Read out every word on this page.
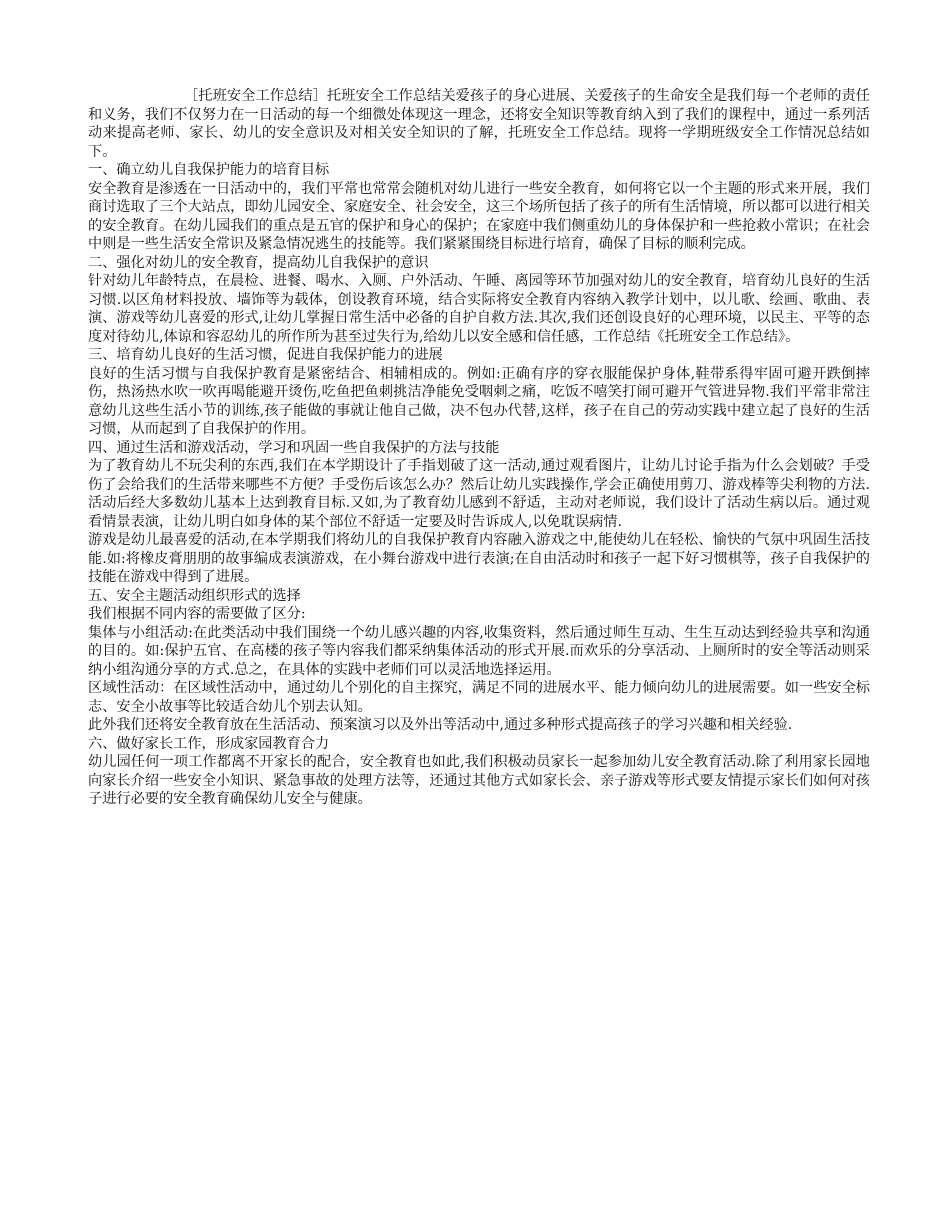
［托班安全工作总结］托班安全工作总结关爱孩子的身心进展、关爱孩子的生命安全是我们每一个老师的责任和义务，我们不仅努力在一日活动的每一个细微处体现这一理念，还将安全知识等教育纳入到了我们的课程中，通过一系列活动来提高老师、家长、幼儿的安全意识及对相关安全知识的了解，托班安全工作总结。现将一学期班级安全工作情况总结如下。

一、确立幼儿自我保护能力的培育目标

安全教育是渗透在一日活动中的，我们平常也常常会随机对幼儿进行一些安全教育，如何将它以一个主题的形式来开展，我们商讨选取了三个大站点，即幼儿园安全、家庭安全、社会安全，这三个场所包括了孩子的所有生活情境，所以都可以进行相关的安全教育。在幼儿园我们的重点是五官的保护和身心的保护；在家庭中我们侧重幼儿的身体保护和一些抢救小常识；在社会中则是一些生活安全常识及紧急情况逃生的技能等。我们紧紧围绕目标进行培育，确保了目标的顺利完成。

二、强化对幼儿的安全教育，提高幼儿自我保护的意识

针对幼儿年龄特点，在晨检、进餐、喝水、入厕、户外活动、午睡、离园等环节加强对幼儿的安全教育，培育幼儿良好的生活习惯.以区角材料投放、墙饰等为载体，创设教育环境，结合实际将安全教育内容纳入教学计划中，以儿歌、绘画、歌曲、表演、游戏等幼儿喜爱的形式,让幼儿掌握日常生活中必备的自护自救方法.其次,我们还创设良好的心理环境，以民主、平等的态度对待幼儿,体谅和容忍幼儿的所作所为甚至过失行为,给幼儿以安全感和信任感，工作总结《托班安全工作总结》。

三、培育幼儿良好的生活习惯，促进自我保护能力的进展

良好的生活习惯与自我保护教育是紧密结合、相辅相成的。例如:正确有序的穿衣服能保护身体,鞋带系得牢固可避开跌倒摔伤，热汤热水吹一吹再喝能避开烫伤,吃鱼把鱼刺挑洁净能免受咽刺之痛，吃饭不嘻笑打闹可避开气管进异物.我们平常非常注意幼儿这些生活小节的训练,孩子能做的事就让他自己做，决不包办代替,这样，孩子在自己的劳动实践中建立起了良好的生活习惯，从而起到了自我保护的作用。

四、通过生活和游戏活动，学习和巩固一些自我保护的方法与技能

为了教育幼儿不玩尖利的东西,我们在本学期设计了手指划破了这一活动,通过观看图片，让幼儿讨论手指为什么会划破？手受伤了会给我们的生活带来哪些不方便？手受伤后该怎么办？然后让幼儿实践操作,学会正确使用剪刀、游戏棒等尖利物的方法.活动后经大多数幼儿基本上达到教育目标.又如,为了教育幼儿感到不舒适，主动对老师说，我们设计了活动生病以后。通过观看情景表演，让幼儿明白如身体的某个部位不舒适一定要及时告诉成人,以免耽误病情.

游戏是幼儿最喜爱的活动,在本学期我们将幼儿的自我保护教育内容融入游戏之中,能使幼儿在轻松、愉快的气氛中巩固生活技能.如:将橡皮膏朋朋的故事编成表演游戏，在小舞台游戏中进行表演;在自由活动时和孩子一起下好习惯棋等，孩子自我保护的技能在游戏中得到了进展。

五、安全主题活动组织形式的选择

我们根据不同内容的需要做了区分:

集体与小组活动:在此类活动中我们围绕一个幼儿感兴趣的内容,收集资料，然后通过师生互动、生生互动达到经验共享和沟通的目的。如:保护五官、在高楼的孩子等内容我们都采纳集体活动的形式开展.而欢乐的分享活动、上厕所时的安全等活动则采纳小组沟通分享的方式.总之，在具体的实践中老师们可以灵活地选择运用。

区域性活动：在区域性活动中，通过幼儿个别化的自主探究，满足不同的进展水平、能力倾向幼儿的进展需要。如一些安全标志、安全小故事等比较适合幼儿个别去认知。

此外我们还将安全教育放在生活活动、预案演习以及外出等活动中,通过多种形式提高孩子的学习兴趣和相关经验.

六、做好家长工作，形成家园教育合力

幼儿园任何一项工作都离不开家长的配合，安全教育也如此,我们积极动员家长一起参加幼儿安全教育活动.除了利用家长园地向家长介绍一些安全小知识、紧急事故的处理方法等，还通过其他方式如家长会、亲子游戏等形式要友情提示家长们如何对孩子进行必要的安全教育确保幼儿安全与健康。
